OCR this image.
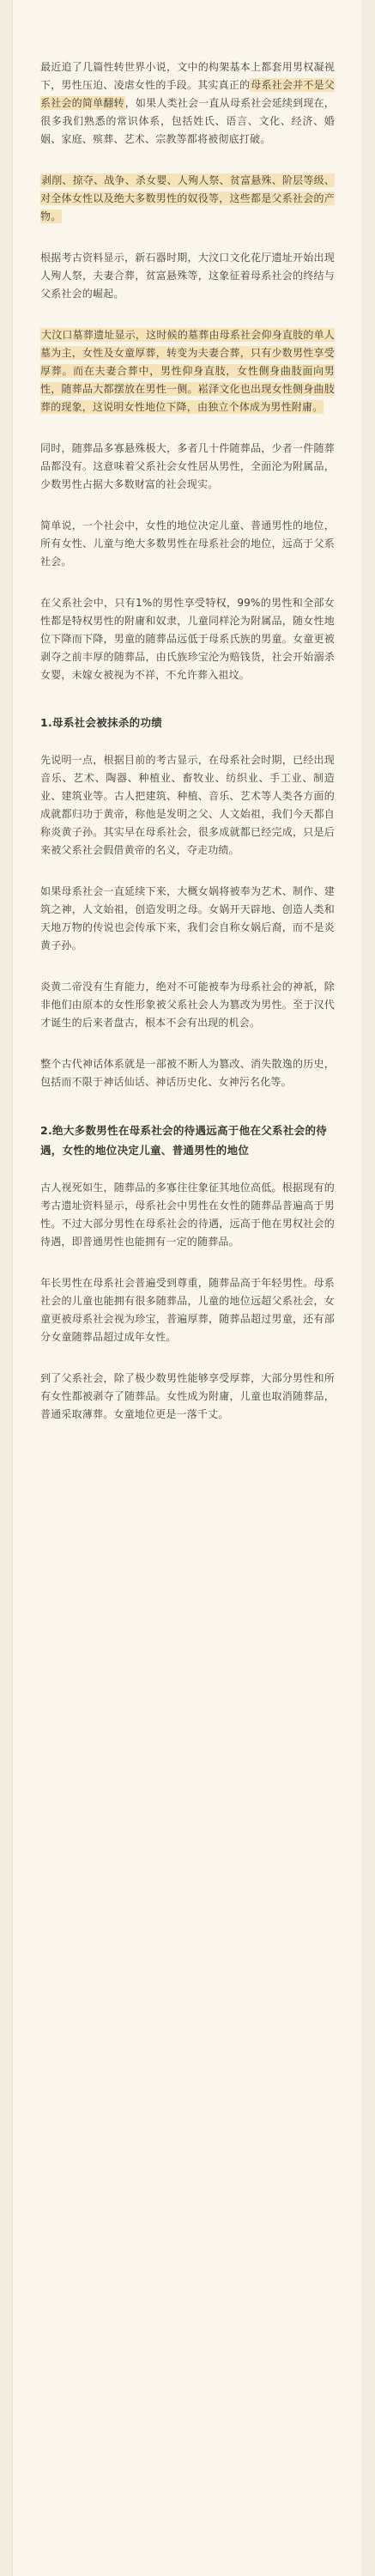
最近追了几篇性转世界小说，文中的构架基本上都套用男权凝视下，男性压迫、凌虐女性的手段。其实真正的母系社会并不是父系社会的简单翻转，如果人类社会一直从母系社会延续到现在，很多我们熟悉的常识体系，包括姓氏、语言、文化、经济、婚姻、家庭、殡葬、艺术、宗教等都将被彻底打破。
剥削、掠夺、战争、杀女婴、人殉人祭、贫富悬殊、阶层等级、对全体女性以及绝大多数男性的奴役等，这些都是父系社会的产物。
根据考古资料显示，新石器时期，大汶口文化花厅遗址开始出现人殉人祭，夫妻合葬，贫富悬殊等，这象征着母系社会的终结与父系社会的崛起。
大汶口墓葬遗址显示，这时候的墓葬由母系社会仰身直肢的单人墓为主，女性及女童厚葬，转变为夫妻合葬，只有少数男性享受厚葬。而在夫妻合葬中，男性仰身直肢，女性侧身曲肢面向男性，随葬品大都摆放在男性一侧。崧泽文化也出现女性侧身曲肢葬的现象，这说明女性地位下降，由独立个体成为男性附庸。
同时，随葬品多寡悬殊极大，多者几十件随葬品，少者一件随葬品都没有。这意味着父系社会女性居从男性，全面沦为附属品，少数男性占据大多数财富的社会现实。
简单说，一个社会中，女性的地位决定儿童、普通男性的地位，所有女性、儿童与绝大多数男性在母系社会的地位，远高于父系社会。
在父系社会中，只有1%的男性享受特权，99%的男性和全部女性都是特权男性的附庸和奴隶，儿童同样沦为附属品，随女性地位下降而下降，男童的随葬品远低于母系氏族的男童。女童更被剥夺之前丰厚的随葬品，由氏族珍宝沦为赔钱货，社会开始溺杀女婴，未嫁女被视为不祥，不允许葬入祖坟。
1.母系社会被抹杀的功绩
先说明一点，根据目前的考古显示，在母系社会时期，已经出现音乐、艺术、陶器、种植业、畜牧业、纺织业、手工业、制造业、建筑业等。古人把建筑、种植、音乐、艺术等人类各方面的成就都归功于黄帝，称他是发明之父、人文始祖，我们今天都自称炎黄子孙。其实早在母系社会，很多成就都已经完成，只是后来被父系社会假借黄帝的名义，夺走功绩。
如果母系社会一直延续下来，大概女娲将被奉为艺术、制作、建筑之神，人文始祖，创造发明之母。女娲开天辟地、创造人类和天地万物的传说也会传承下来，我们会自称女娲后裔，而不是炎黄子孙。
炎黄二帝没有生育能力，绝对不可能被奉为母系社会的神祇，除非他们由原本的女性形象被父系社会人为篡改为男性。至于汉代才诞生的后来者盘古，根本不会有出现的机会。
整个古代神话体系就是一部被不断人为篡改、消失散逸的历史，包括而不限于神话仙话、神话历史化、女神污名化等。
2.绝大多数男性在母系社会的待遇远高于他在父系社会的待遇，女性的地位决定儿童、普通男性的地位
古人视死如生，随葬品的多寡往往象征其地位高低。根据现有的考古遗址资料显示，母系社会中男性在女性的随葬品普遍高于男性。不过大部分男性在母系社会的待遇，远高于他在男权社会的待遇，即普通男性也能拥有一定的随葬品。
年长男性在母系社会普遍受到尊重，随葬品高于年轻男性。母系社会的儿童也能拥有很多随葬品，儿童的地位远超父系社会，女童更被母系社会视为珍宝，普遍厚葬，随葬品超过男童，还有部分女童随葬品超过成年女性。
到了父系社会，除了极少数男性能够享受厚葬，大部分男性和所有女性都被剥夺了随葬品。女性成为附庸，儿童也取消随葬品，普通采取薄葬。女童地位更是一落千丈。
